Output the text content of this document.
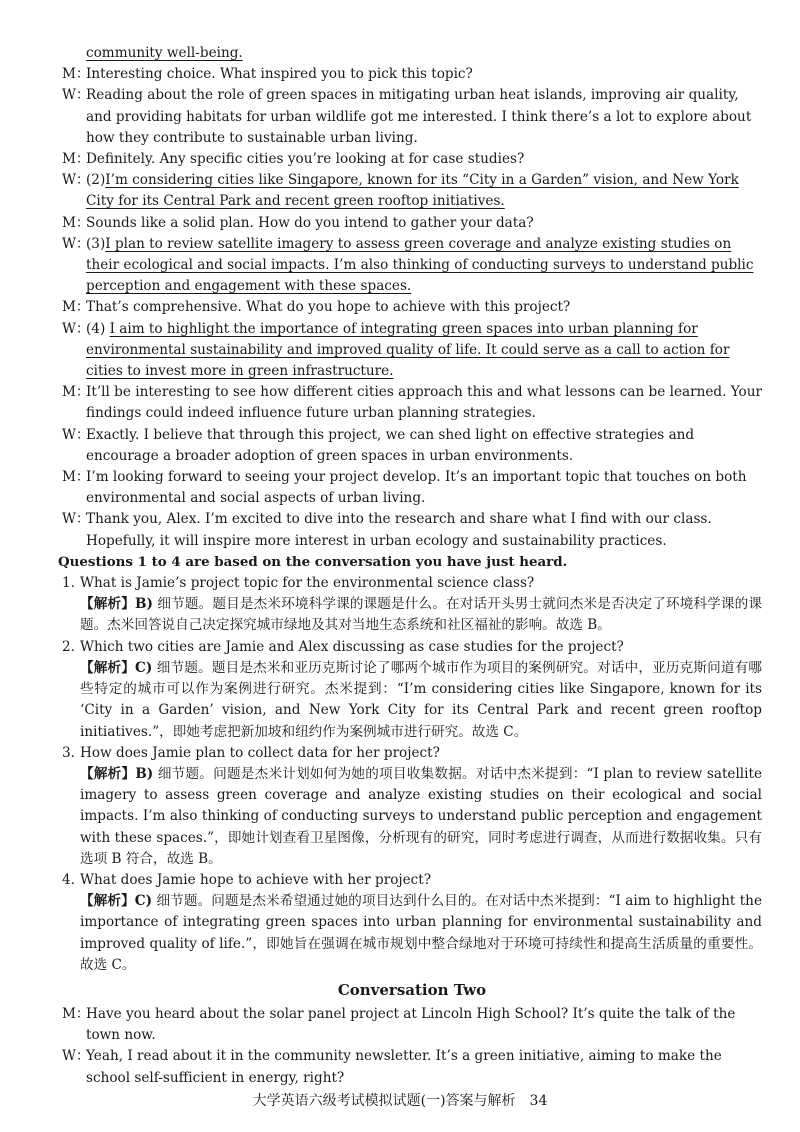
community well-being.
M：
Interesting choice. What inspired you to pick this topic?
W：
Reading about the role of green spaces in mitigating urban heat islands, improving air quality, and providing habitats for urban wildlife got me interested. I think there’s a lot to explore about how they contribute to sustainable urban living.
M：
Definitely. Any specific cities you’re looking at for case studies?
W：
(2)I’m considering cities like Singapore, known for its “City in a Garden” vision, and New York City for its Central Park and recent green rooftop initiatives.
M：
Sounds like a solid plan. How do you intend to gather your data?
W：
(3)I plan to review satellite imagery to assess green coverage and analyze existing studies on their ecological and social impacts. I’m also thinking of conducting surveys to understand public perception and engagement with these spaces.
M：
That’s comprehensive. What do you hope to achieve with this project?
W：
(4) I aim to highlight the importance of integrating green spaces into urban planning for environmental sustainability and improved quality of life. It could serve as a call to action for cities to invest more in green infrastructure.
M：
It’ll be interesting to see how different cities approach this and what lessons can be learned. Your findings could indeed influence future urban planning strategies.
W：
Exactly. I believe that through this project, we can shed light on effective strategies and encourage a broader adoption of green spaces in urban environments.
M：
I’m looking forward to seeing your project develop. It’s an important topic that touches on both environmental and social aspects of urban living.
W：
Thank you, Alex. I’m excited to dive into the research and share what I find with our class. Hopefully, it will inspire more interest in urban ecology and sustainability practices.
Questions 1 to 4 are based on the conversation you have just heard.
1. What is Jamie’s project topic for the environmental science class?
【解析】B) 细节题。题目是杰米环境科学课的课题是什么。在对话开头男士就问杰米是否决定了环境科学课的课题。杰米回答说自己决定探究城市绿地及其对当地生态系统和社区福祉的影响。故选 B。
2. Which two cities are Jamie and Alex discussing as case studies for the project?
【解析】C) 细节题。题目是杰米和亚历克斯讨论了哪两个城市作为项目的案例研究。对话中，亚历克斯问道有哪些特定的城市可以作为案例进行研究。杰米提到：“I’m considering cities like Singapore, known for its ‘City in a Garden’ vision, and New York City for its Central Park and recent green rooftop initiatives.”，即她考虑把新加坡和纽约作为案例城市进行研究。故选 C。
3. How does Jamie plan to collect data for her project?
【解析】B) 细节题。问题是杰米计划如何为她的项目收集数据。对话中杰米提到：“I plan to review satellite imagery to assess green coverage and analyze existing studies on their ecological and social impacts. I’m also thinking of conducting surveys to understand public perception and engagement with these spaces.”，即她计划查看卫星图像，分析现有的研究，同时考虑进行调查，从而进行数据收集。只有选项 B 符合，故选 B。
4. What does Jamie hope to achieve with her project?
【解析】C) 细节题。问题是杰米希望通过她的项目达到什么目的。在对话中杰米提到：“I aim to highlight the importance of integrating green spaces into urban planning for environmental sustainability and improved quality of life.”，即她旨在强调在城市规划中整合绿地对于环境可持续性和提高生活质量的重要性。故选 C。
Conversation Two
M：
Have you heard about the solar panel project at Lincoln High School? It’s quite the talk of the town now.
W：
Yeah, I read about it in the community newsletter. It’s a green initiative, aiming to make the school self-sufficient in energy, right?
大学英语六级考试模拟试题(一)答案与解析 34
